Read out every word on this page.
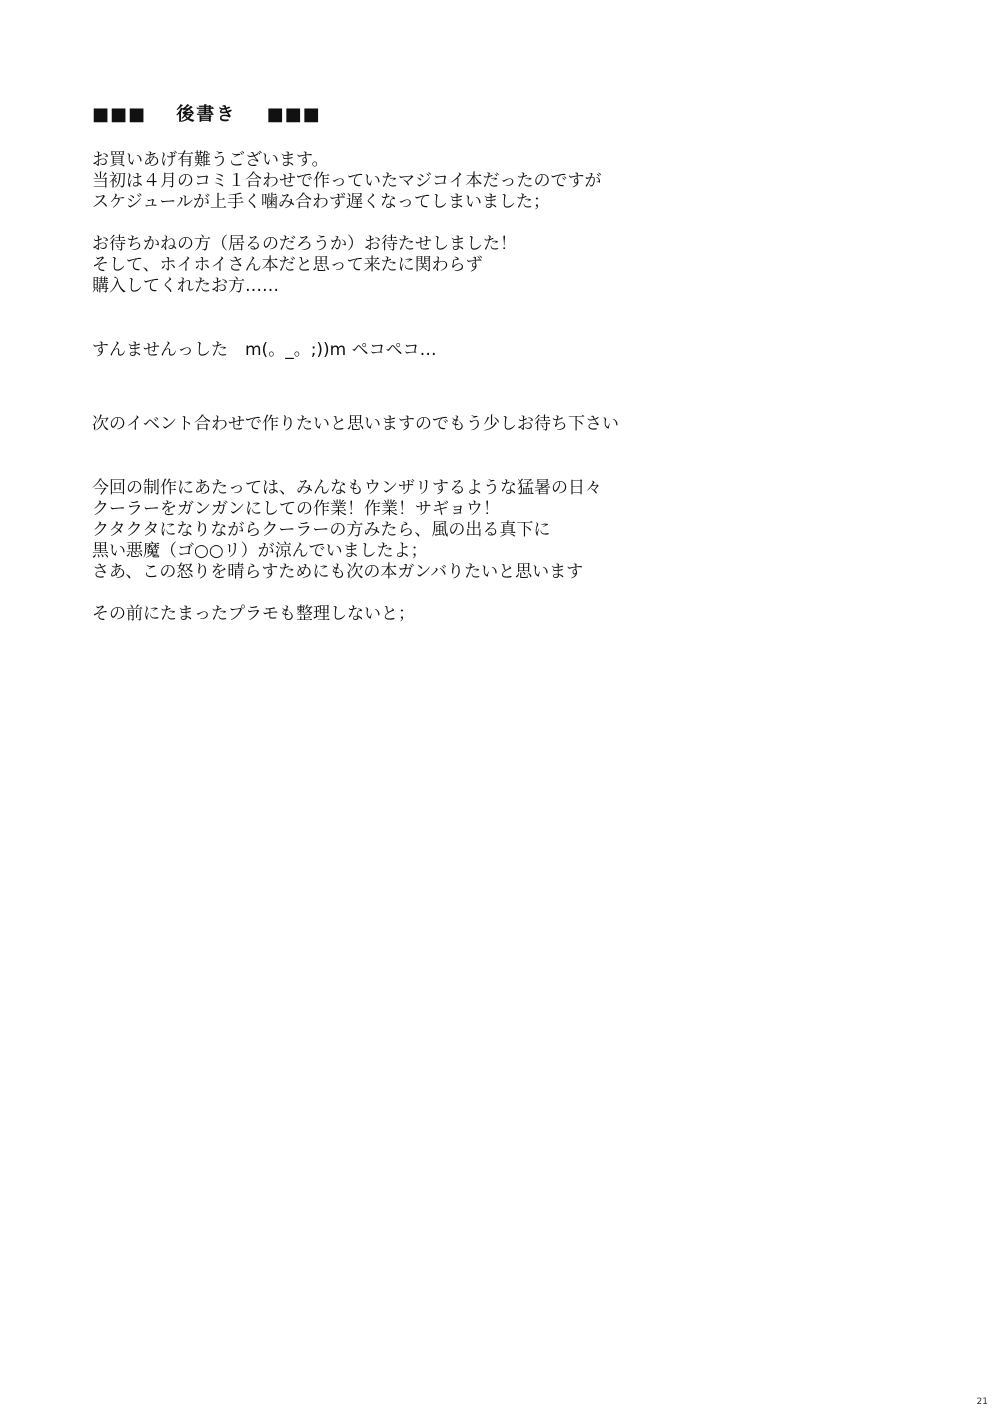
■■■ 後書き ■■■
お買いあげ有難うございます。
当初は４月のコミ１合わせで作っていたマジコイ本だったのですが
スケジュールが上手く噛み合わず遅くなってしまいました；
お待ちかねの方（居るのだろうか）お待たせしました！
そして、ホイホイさん本だと思って来たに関わらず
購入してくれたお方……
すんませんっした　m(。_。;))m ペコペコ…
次のイベント合わせで作りたいと思いますのでもう少しお待ち下さい
今回の制作にあたっては、みんなもウンザリするような猛暑の日々
クーラーをガンガンにしての作業！作業！サギョウ！
クタクタになりながらクーラーの方みたら、風の出る真下に
黒い悪魔（ゴ○○リ）が涼んでいましたよ；
さあ、この怒りを晴らすためにも次の本ガンバりたいと思います
その前にたまったプラモも整理しないと；
21
